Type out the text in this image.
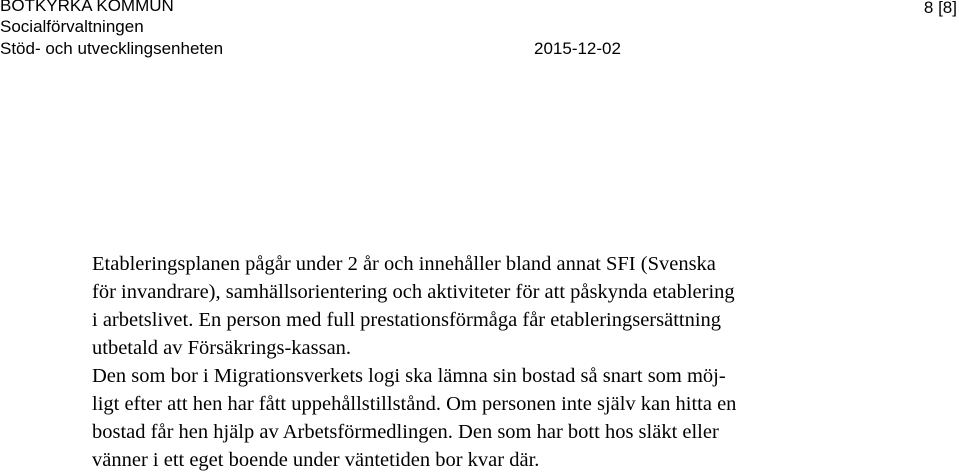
BOTKYRKA KOMMUN
Socialförvaltningen
Stöd- och utvecklingsenheten	2015-12-02
8 [8]
Etableringsplanen pågår under 2 år och innehåller bland annat SFI (Svenska
för invandrare), samhällsorientering och aktiviteter för att påskynda etablering
i arbetslivet. En person med full prestationsförmåga får etableringsersättning
utbetald av Försäkrings-kassan.
Den som bor i Migrationsverkets logi ska lämna sin bostad så snart som möj-
ligt efter att hen har fått uppehållstillstånd. Om personen inte själv kan hitta en
bostad får hen hjälp av Arbetsförmedlingen. Den som har bott hos släkt eller
vänner i ett eget boende under väntetiden bor kvar där.
